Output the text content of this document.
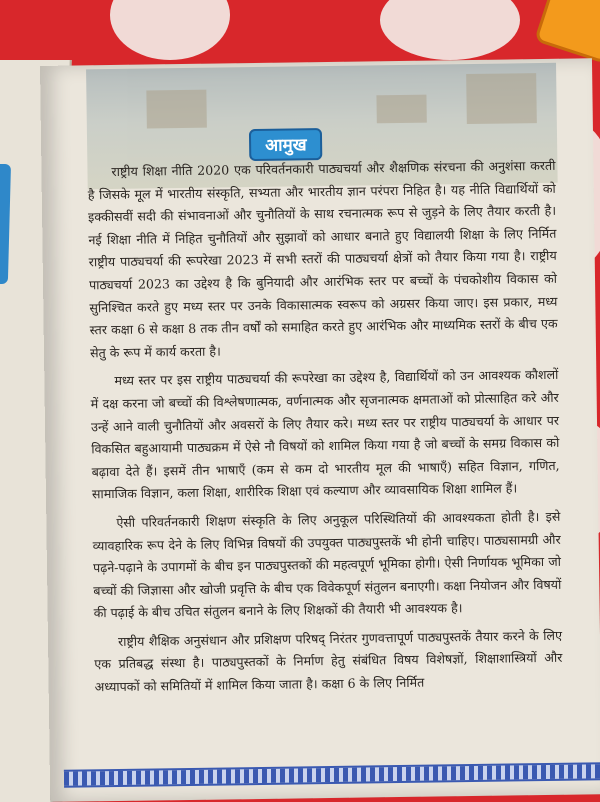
आमुख

राष्ट्रीय शिक्षा नीति 2020 एक परिवर्तनकारी पाठ्यचर्या और शैक्षणिक संरचना की अनुशंसा करती है जिसके मूल में भारतीय संस्कृति, सभ्यता और भारतीय ज्ञान परंपरा निहित है। यह नीति विद्यार्थियों को इक्कीसवीं सदी की संभावनाओं और चुनौतियों के साथ रचनात्मक रूप से जुड़ने के लिए तैयार करती है। नई शिक्षा नीति में निहित चुनौतियों और सुझावों को आधार बनाते हुए विद्यालयी शिक्षा के लिए निर्मित राष्ट्रीय पाठ्यचर्या की रूपरेखा 2023 में सभी स्तरों की पाठ्यचर्या क्षेत्रों को तैयार किया गया है। राष्ट्रीय पाठ्यचर्या 2023 का उद्देश्य है कि बुनियादी और आरंभिक स्तर पर बच्चों के पंचकोशीय विकास को सुनिश्चित करते हुए मध्य स्तर पर उनके विकासात्मक स्वरूप को अग्रसर किया जाए। इस प्रकार, मध्य स्तर कक्षा 6 से कक्षा 8 तक तीन वर्षों को समाहित करते हुए आरंभिक और माध्यमिक स्तरों के बीच एक सेतु के रूप में कार्य करता है।

मध्य स्तर पर इस राष्ट्रीय पाठ्यचर्या की रूपरेखा का उद्देश्य है, विद्यार्थियों को उन आवश्यक कौशलों में दक्ष करना जो बच्चों की विश्लेषणात्मक, वर्णनात्मक और सृजनात्मक क्षमताओं को प्रोत्साहित करे और उन्हें आने वाली चुनौतियों और अवसरों के लिए तैयार करे। मध्य स्तर पर राष्ट्रीय पाठ्यचर्या के आधार पर विकसित बहुआयामी पाठ्यक्रम में ऐसे नौ विषयों को शामिल किया गया है जो बच्चों के समग्र विकास को बढ़ावा देते हैं। इसमें तीन भाषाएँ (कम से कम दो भारतीय मूल की भाषाएँ) सहित विज्ञान, गणित, सामाजिक विज्ञान, कला शिक्षा, शारीरिक शिक्षा एवं कल्याण और व्यावसायिक शिक्षा शामिल हैं।

ऐसी परिवर्तनकारी शिक्षण संस्कृति के लिए अनुकूल परिस्थितियों की आवश्यकता होती है। इसे व्यावहारिक रूप देने के लिए विभिन्न विषयों की उपयुक्त पाठ्यपुस्तकें भी होनी चाहिए। पाठ्यसामग्री और पढ़ने-पढ़ाने के उपागमों के बीच इन पाठ्यपुस्तकों की महत्वपूर्ण भूमिका होगी। ऐसी निर्णायक भूमिका जो बच्चों की जिज्ञासा और खोजी प्रवृत्ति के बीच एक विवेकपूर्ण संतुलन बनाएगी। कक्षा नियोजन और विषयों की पढ़ाई के बीच उचित संतुलन बनाने के लिए शिक्षकों की तैयारी भी आवश्यक है।

राष्ट्रीय शैक्षिक अनुसंधान और प्रशिक्षण परिषद् निरंतर गुणवत्तापूर्ण पाठ्यपुस्तकें तैयार करने के लिए एक प्रतिबद्ध संस्था है। पाठ्यपुस्तकों के निर्माण हेतु संबंधित विषय विशेषज्ञों, शिक्षाशास्त्रियों और अध्यापकों को समितियों में शामिल किया जाता है। कक्षा 6 के लिए निर्मित
